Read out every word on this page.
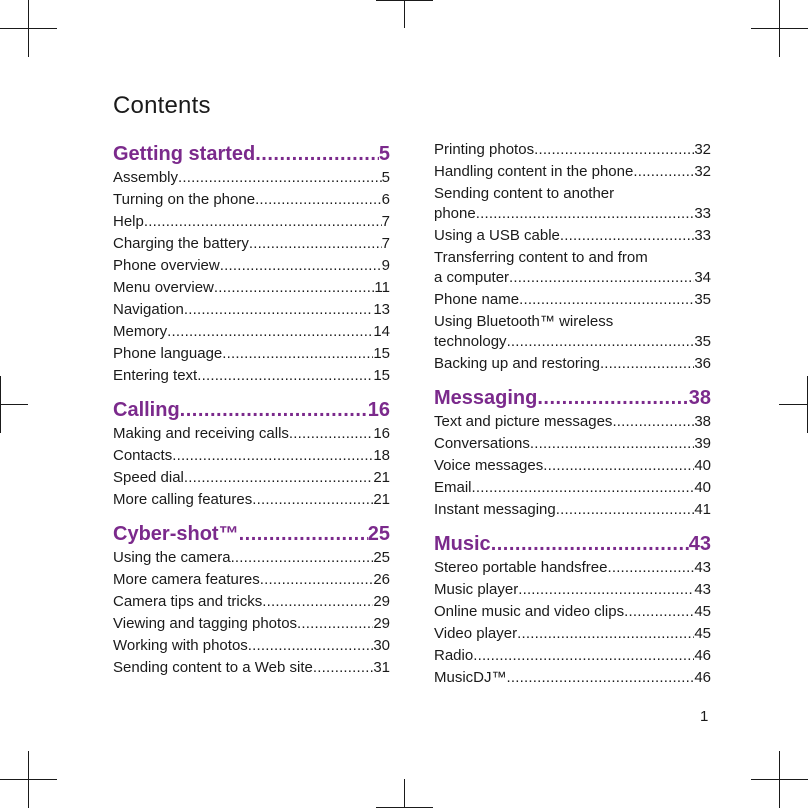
Contents
Getting started .....	5
Assembly .....	5
Turning on the phone .....	6
Help .....	7
Charging the battery .....	7
Phone overview .....	9
Menu overview .....	11
Navigation .....	13
Memory .....	14
Phone language .....	15
Entering text .....	15
Calling .....	16
Making and receiving calls .....	16
Contacts .....	18
Speed dial .....	21
More calling features .....	21
Cyber-shot™ .....	25
Using the camera .....	25
More camera features .....	26
Camera tips and tricks .....	29
Viewing and tagging photos .....	29
Working with photos .....	30
Sending content to a Web site .....	31
Printing photos .....	32
Handling content in the phone .....	32
Sending content to another
phone .....	33
Using a USB cable .....	33
Transferring content to and from
a computer .....	34
Phone name .....	35
Using Bluetooth™ wireless
technology .....	35
Backing up and restoring .....	36
Messaging .....	38
Text and picture messages .....	38
Conversations .....	39
Voice messages .....	40
Email .....	40
Instant messaging .....	41
Music .....	43
Stereo portable handsfree .....	43
Music player .....	43
Online music and video clips .....	45
Video player .....	45
Radio .....	46
MusicDJ™ .....	46
1
